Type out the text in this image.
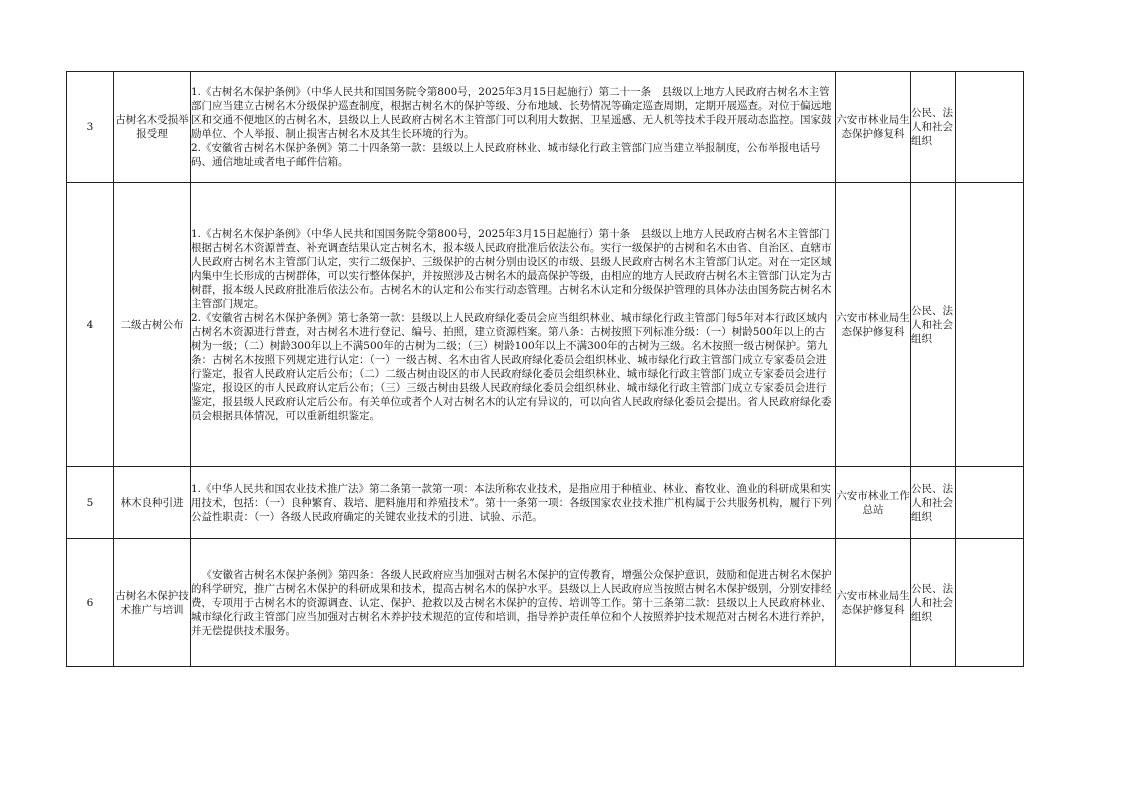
3	古树名木受损举报受理	1.《古树名木保护条例》（中华人民共和国国务院令第800号，2025年3月15日起施行）第二十一条　县级以上地方人民政府古树名木主管部门应当建立古树名木分级保护巡查制度，根据古树名木的保护等级、分布地域、长势情况等确定巡查周期，定期开展巡查。对位于偏远地区和交通不便地区的古树名木，县级以上人民政府古树名木主管部门可以利用大数据、卫星遥感、无人机等技术手段开展动态监控。国家鼓励单位、个人举报、制止损害古树名木及其生长环境的行为。

2.《安徽省古树名木保护条例》第二十四条第一款：县级以上人民政府林业、城市绿化行政主管部门应当建立举报制度，公布举报电话号码、通信地址或者电子邮件信箱。	六安市林业局生态保护修复科	公民、法人和社会组织	
4	二级古树公布	1.《古树名木保护条例》（中华人民共和国国务院令第800号，2025年3月15日起施行）第十条　县级以上地方人民政府古树名木主管部门根据古树名木资源普查、补充调查结果认定古树名木，报本级人民政府批准后依法公布。实行一级保护的古树和名木由省、自治区、直辖市人民政府古树名木主管部门认定，实行二级保护、三级保护的古树分别由设区的市级、县级人民政府古树名木主管部门认定。对在一定区域内集中生长形成的古树群体，可以实行整体保护，并按照涉及古树名木的最高保护等级，由相应的地方人民政府古树名木主管部门认定为古树群，报本级人民政府批准后依法公布。古树名木的认定和公布实行动态管理。古树名木认定和分级保护管理的具体办法由国务院古树名木主管部门规定。

2.《安徽省古树名木保护条例》第七条第一款：县级以上人民政府绿化委员会应当组织林业、城市绿化行政主管部门每5年对本行政区域内古树名木资源进行普查，对古树名木进行登记、编号、拍照，建立资源档案。第八条：古树按照下列标准分级：（一）树龄500年以上的古树为一级；（二）树龄300年以上不满500年的古树为二级；（三）树龄100年以上不满300年的古树为三级。名木按照一级古树保护。第九条：古树名木按照下列规定进行认定：（一）一级古树、名木由省人民政府绿化委员会组织林业、城市绿化行政主管部门成立专家委员会进行鉴定，报省人民政府认定后公布；（二）二级古树由设区的市人民政府绿化委员会组织林业、城市绿化行政主管部门成立专家委员会进行鉴定，报设区的市人民政府认定后公布；（三）三级古树由县级人民政府绿化委员会组织林业、城市绿化行政主管部门成立专家委员会进行鉴定，报县级人民政府认定后公布。有关单位或者个人对古树名木的认定有异议的，可以向省人民政府绿化委员会提出。省人民政府绿化委员会根据具体情况，可以重新组织鉴定。	六安市林业局生态保护修复科	公民、法人和社会组织	
5	林木良种引进	1.《中华人民共和国农业技术推广法》第二条第一款第一项：本法所称农业技术，是指应用于种植业、林业、畜牧业、渔业的科研成果和实用技术，包括：（一）良种繁育、栽培、肥料施用和养殖技术”。第十一条第一项：各级国家农业技术推广机构属于公共服务机构，履行下列公益性职责：（一）各级人民政府确定的关键农业技术的引进、试验、示范。	六安市林业工作总站	公民、法人和社会组织	
6	古树名木保护技术推广与培训	《安徽省古树名木保护条例》第四条：各级人民政府应当加强对古树名木保护的宣传教育，增强公众保护意识，鼓励和促进古树名木保护的科学研究，推广古树名木保护的科研成果和技术，提高古树名木的保护水平。县级以上人民政府应当按照古树名木保护级别，分别安排经费，专项用于古树名木的资源调查、认定、保护、抢救以及古树名木保护的宣传、培训等工作。第十三条第二款：县级以上人民政府林业、城市绿化行政主管部门应当加强对古树名木养护技术规范的宣传和培训，指导养护责任单位和个人按照养护技术规范对古树名木进行养护，并无偿提供技术服务。	六安市林业局生态保护修复科	公民、法人和社会组织	
